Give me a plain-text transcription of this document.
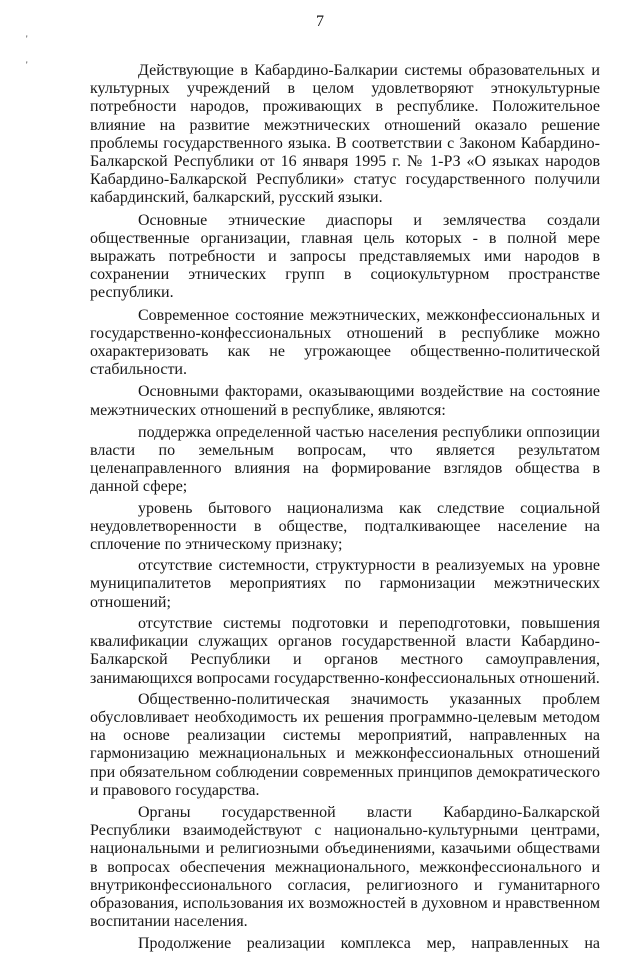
7
'
'	Действующие в Кабардино-Балкарии системы образовательных и культурных учреждений в целом удовлетворяют этнокультурные потребности народов, проживающих в республике. Положительное влияние на развитие межэтнических отношений оказало решение проблемы государственного языка. В соответствии с Законом Кабардино-Балкарской Республики от 16 января 1995 г. № 1-РЗ «О языках народов Кабардино-Балкарской Республики» статус государственного получили кабардинский, балкарский, русский языки.

Основные этнические диаспоры и землячества создали общественные организации, главная цель которых - в полной мере выражать потребности и запросы представляемых ими народов в сохранении этнических групп в социокультурном пространстве республики.

Современное состояние межэтнических, межконфессиональных и государственно-конфессиональных отношений в республике можно охарактеризовать как не угрожающее общественно-политической стабильности.

Основными факторами, оказывающими воздействие на состояние межэтнических отношений в республике, являются:

поддержка определенной частью населения республики оппозиции власти по земельным вопросам, что является результатом целенаправленного влияния на формирование взглядов общества в данной сфере;

уровень бытового национализма как следствие социальной неудовлетворенности в обществе, подталкивающее население на сплочение по этническому признаку;

отсутствие системности, структурности в реализуемых на уровне муниципалитетов мероприятиях по гармонизации межэтнических отношений;

отсутствие системы подготовки и переподготовки, повышения квалификации служащих органов государственной власти Кабардино-Балкарской Республики и органов местного самоуправления, занимающихся вопросами государственно-конфессиональных отношений.

Общественно-политическая значимость указанных проблем обусловливает необходимость их решения программно-целевым методом на основе реализации системы мероприятий, направленных на гармонизацию межнациональных и межконфессиональных отношений при обязательном соблюдении современных принципов демократического и правового государства.

Органы государственной власти Кабардино-Балкарской Республики взаимодействуют с национально-культурными центрами, национальными и религиозными объединениями, казачьими обществами в вопросах обеспечения межнационального, межконфессионального и внутриконфессионального согласия, религиозного и гуманитарного образования, использования их возможностей в духовном и нравственном воспитании населения.

Продолжение реализации комплекса мер, направленных на
